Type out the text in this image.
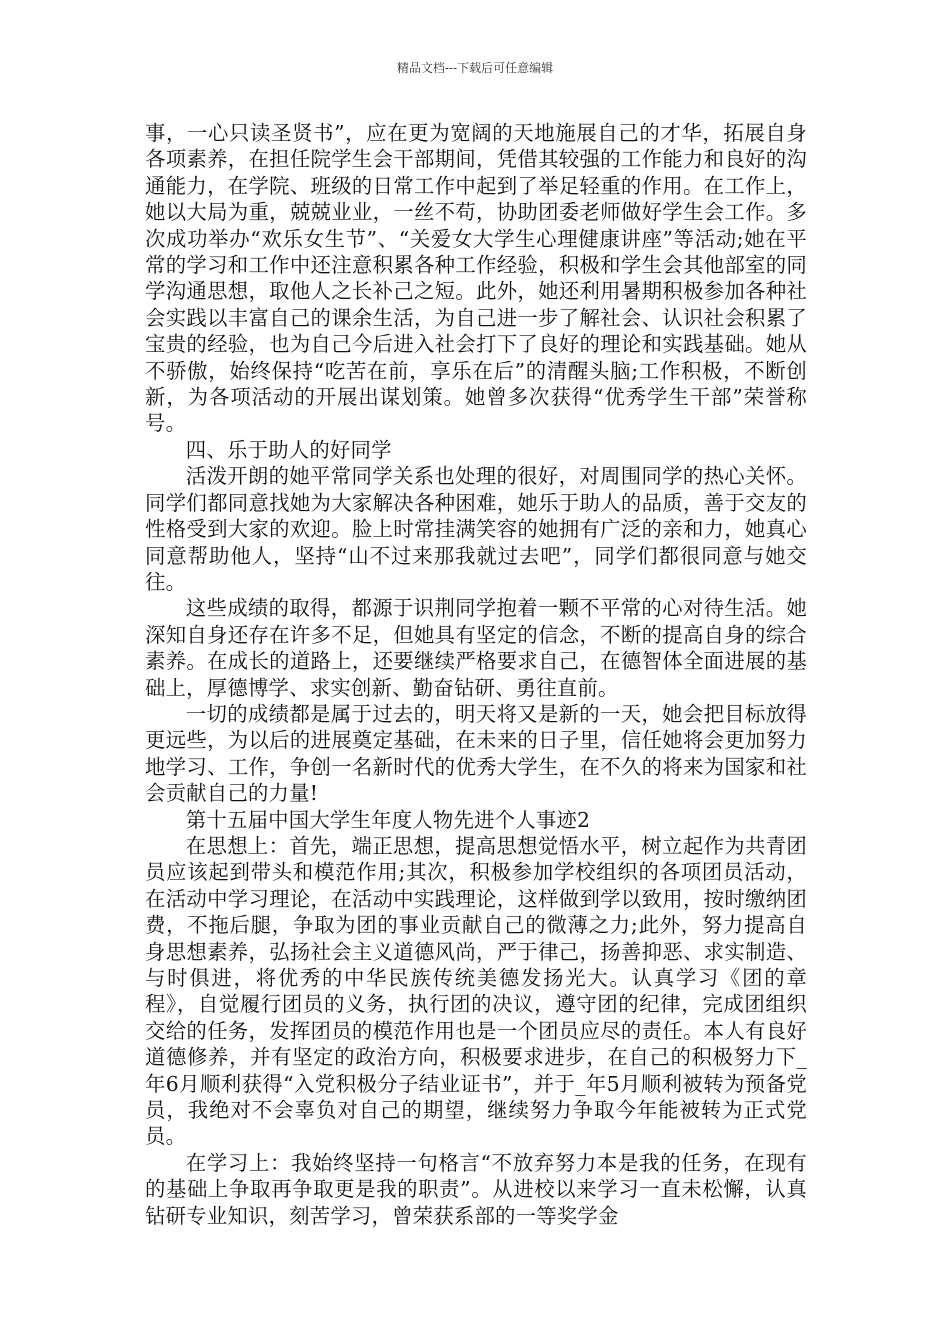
精品文档---下载后可任意编辑

事，一心只读圣贤书”，应在更为宽阔的天地施展自己的才华，拓展自身各项素养，在担任院学生会干部期间，凭借其较强的工作能力和良好的沟通能力，在学院、班级的日常工作中起到了举足轻重的作用。在工作上，她以大局为重，兢兢业业，一丝不苟，协助团委老师做好学生会工作。多次成功举办“欢乐女生节”、“关爱女大学生心理健康讲座”等活动;她在平常的学习和工作中还注意积累各种工作经验，积极和学生会其他部室的同学沟通思想，取他人之长补己之短。此外，她还利用暑期积极参加各种社会实践以丰富自己的课余生活，为自己进一步了解社会、认识社会积累了宝贵的经验，也为自己今后进入社会打下了良好的理论和实践基础。她从不骄傲，始终保持“吃苦在前，享乐在后”的清醒头脑;工作积极，不断创新，为各项活动的开展出谋划策。她曾多次获得“优秀学生干部”荣誉称号。

四、乐于助人的好同学

活泼开朗的她平常同学关系也处理的很好，对周围同学的热心关怀。同学们都同意找她为大家解决各种困难，她乐于助人的品质，善于交友的性格受到大家的欢迎。脸上时常挂满笑容的她拥有广泛的亲和力，她真心同意帮助他人，坚持“山不过来那我就过去吧”，同学们都很同意与她交往。

这些成绩的取得，都源于识荆同学抱着一颗不平常的心对待生活。她深知自身还存在许多不足，但她具有坚定的信念，不断的提高自身的综合素养。在成长的道路上，还要继续严格要求自己，在德智体全面进展的基础上，厚德博学、求实创新、勤奋钻研、勇往直前。

一切的成绩都是属于过去的，明天将又是新的一天，她会把目标放得更远些，为以后的进展奠定基础，在未来的日子里，信任她将会更加努力地学习、工作，争创一名新时代的优秀大学生，在不久的将来为国家和社会贡献自己的力量!

第十五届中国大学生年度人物先进个人事迹2

在思想上：首先，端正思想，提高思想觉悟水平，树立起作为共青团员应该起到带头和模范作用;其次，积极参加学校组织的各项团员活动，在活动中学习理论，在活动中实践理论，这样做到学以致用，按时缴纳团费，不拖后腿，争取为团的事业贡献自己的微薄之力;此外，努力提高自身思想素养，弘扬社会主义道德风尚，严于律己，扬善抑恶、求实制造、与时俱进，将优秀的中华民族传统美德发扬光大。认真学习《团的章程》，自觉履行团员的义务，执行团的决议，遵守团的纪律，完成团组织交给的任务，发挥团员的模范作用也是一个团员应尽的责任。本人有良好道德修养，并有坚定的政治方向，积极要求进步，在自己的积极努力下_年6月顺利获得“入党积极分子结业证书”，并于_年5月顺利被转为预备党员，我绝对不会辜负对自己的期望，继续努力争取今年能被转为正式党员。

在学习上：我始终坚持一句格言“不放弃努力本是我的任务，在现有的基础上争取再争取更是我的职责”。从进校以来学习一直未松懈，认真钻研专业知识，刻苦学习，曾荣获系部的一等奖学金
